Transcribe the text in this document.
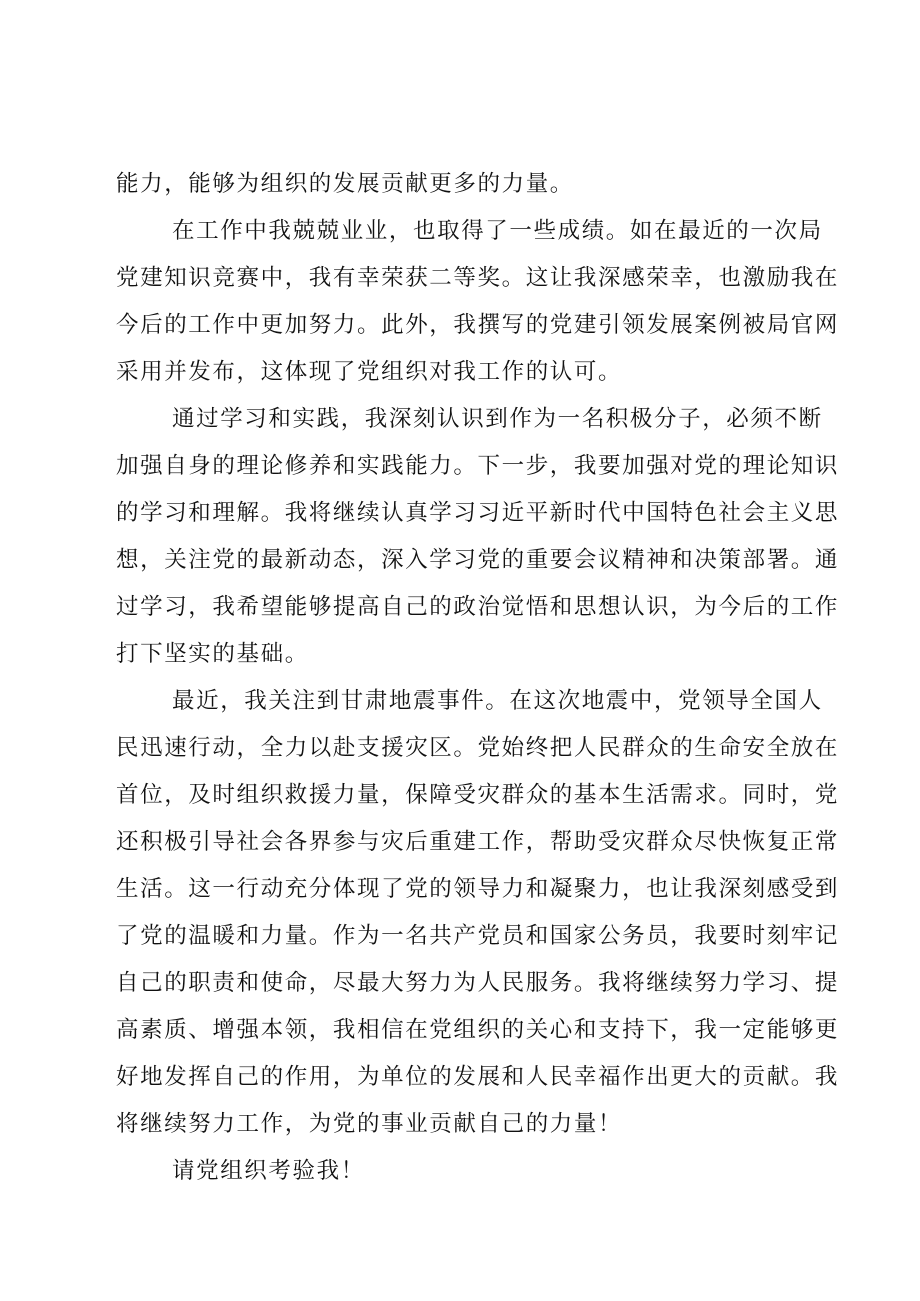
能力，能够为组织的发展贡献更多的力量。
在工作中我兢兢业业，也取得了一些成绩。如在最近的一次局
党建知识竞赛中，我有幸荣获二等奖。这让我深感荣幸，也激励我在
今后的工作中更加努力。此外，我撰写的党建引领发展案例被局官网
采用并发布，这体现了党组织对我工作的认可。
通过学习和实践，我深刻认识到作为一名积极分子，必须不断
加强自身的理论修养和实践能力。下一步，我要加强对党的理论知识
的学习和理解。我将继续认真学习习近平新时代中国特色社会主义思
想，关注党的最新动态，深入学习党的重要会议精神和决策部署。通
过学习，我希望能够提高自己的政治觉悟和思想认识，为今后的工作
打下坚实的基础。
最近，我关注到甘肃地震事件。在这次地震中，党领导全国人
民迅速行动，全力以赴支援灾区。党始终把人民群众的生命安全放在
首位，及时组织救援力量，保障受灾群众的基本生活需求。同时，党
还积极引导社会各界参与灾后重建工作，帮助受灾群众尽快恢复正常
生活。这一行动充分体现了党的领导力和凝聚力，也让我深刻感受到
了党的温暖和力量。作为一名共产党员和国家公务员，我要时刻牢记
自己的职责和使命，尽最大努力为人民服务。我将继续努力学习、提
高素质、增强本领，我相信在党组织的关心和支持下，我一定能够更
好地发挥自己的作用，为单位的发展和人民幸福作出更大的贡献。我
将继续努力工作，为党的事业贡献自己的力量！
请党组织考验我！
